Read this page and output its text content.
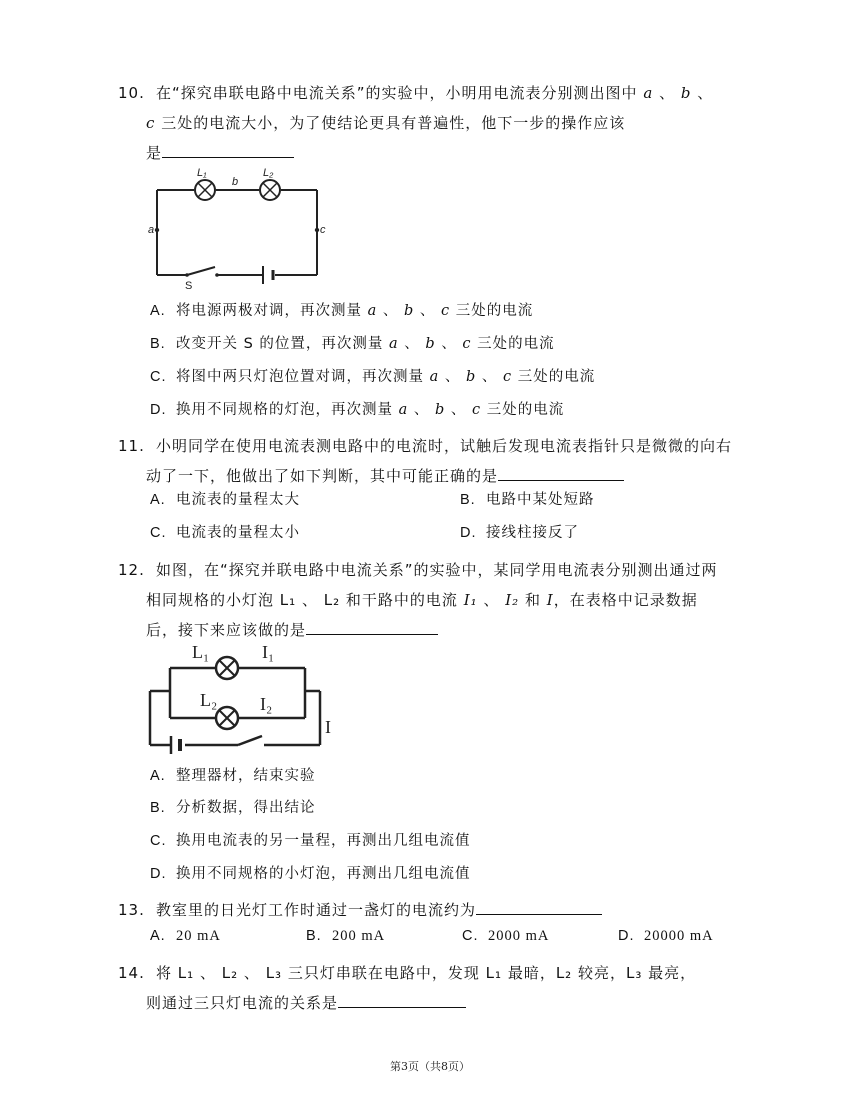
10. 在“探究串联电路中电流关系”的实验中，小明用电流表分别测出图中 a 、 b 、
c 三处的电流大小，为了使结论更具有普遍性，他下一步的操作应该
是
L₁	L₂
b
a	c
S
A. 将电源两极对调，再次测量 a 、 b 、 c 三处的电流
B. 改变开关 S 的位置，再次测量 a 、 b 、 c 三处的电流
C. 将图中两只灯泡位置对调，再次测量 a 、 b 、 c 三处的电流
D. 换用不同规格的灯泡，再次测量 a 、 b 、 c 三处的电流
11. 小明同学在使用电流表测电路中的电流时，试触后发现电流表指针只是微微的向右
动了一下，他做出了如下判断，其中可能正确的是
A. 电流表的量程太大	B. 电路中某处短路
C. 电流表的量程太小	D. 接线柱接反了
12. 如图，在“探究并联电路中电流关系”的实验中，某同学用电流表分别测出通过两
相同规格的小灯泡 L₁ 、 L₂ 和干路中的电流 I₁ 、 I₂ 和 I，在表格中记录数据
后，接下来应该做的是
L₁	I₁
L₂ I₂
I
A. 整理器材，结束实验
B. 分析数据，得出结论
C. 换用电流表的另一量程，再测出几组电流值
D. 换用不同规格的小灯泡，再测出几组电流值
13. 教室里的日光灯工作时通过一盏灯的电流约为
A. 20 mA	B. 200 mA	C. 2000 mA	D. 20000 mA
14. 将 L₁ 、 L₂ 、 L₃ 三只灯串联在电路中，发现 L₁ 最暗，L₂ 较亮，L₃ 最亮，
则通过三只灯电流的关系是
第3页（共8页）
